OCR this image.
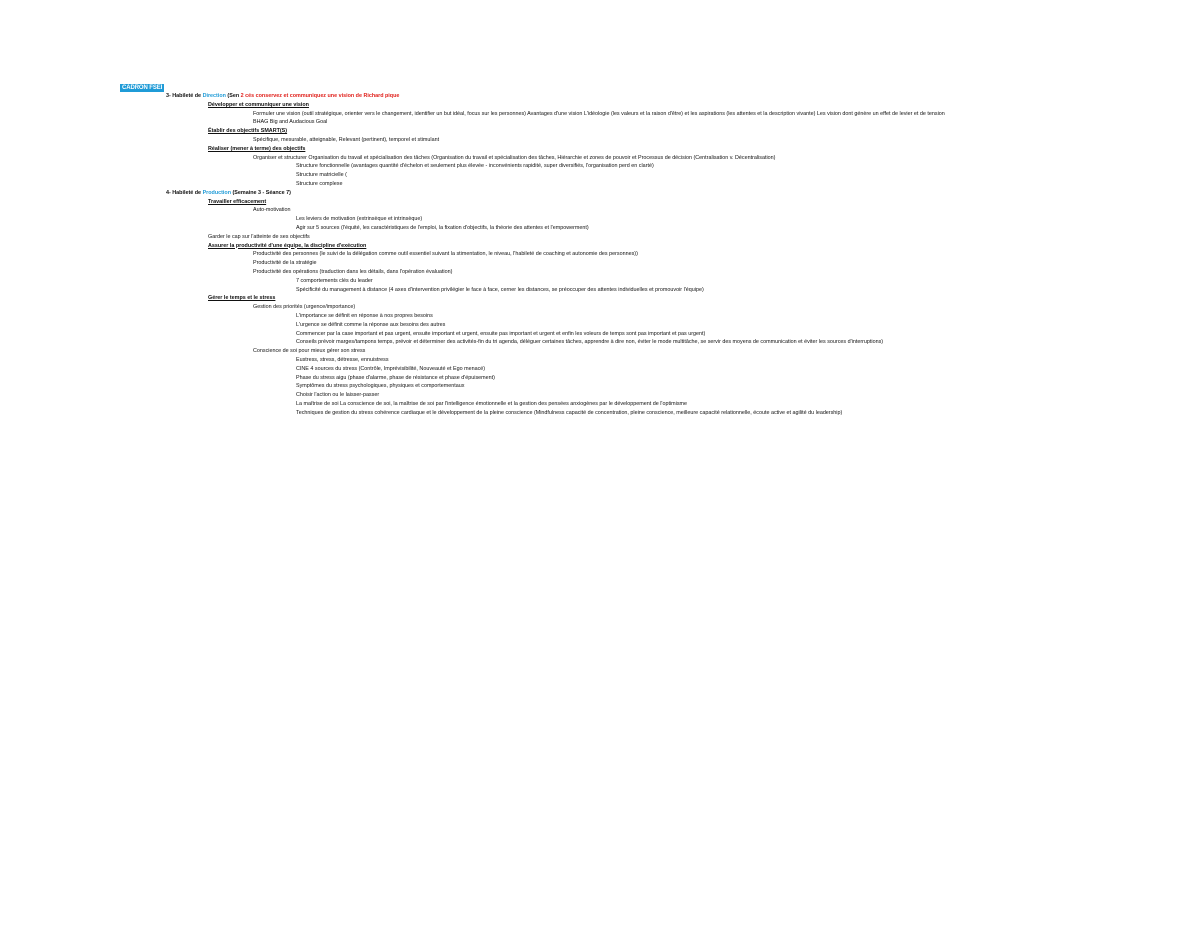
CADRON FSEI
3- Habileté de Direction (Sen 2 cés conservez et communiquez une vision de Richard pique
Développer et communiquer une vision
Formuler une vision (outil stratégique, orienter vers le changement, identifier un but idéal, focus sur les personnes) Avantages d'une vision L'idéologie (les valeurs et la raison d'être) et les aspirations (les attentes et la description vivante) Les vision dont génère un effet de levier et de tension
BHAG Big and Audacious Goal
Établir des objectifs SMART(S)
Spécifique, mesurable, atteignable, Relevant (pertinent), temporel et stimulant
Réaliser (mener à terme) des objectifs
Organiser et structurer Organisation du travail et spécialisation des tâches (Organisation du travail et spécialisation des tâches, Hiérarchie et zones de pouvoir et Processus de décision (Centralisation v. Décentralisation)
Structure fonctionnelle (avantages quantité d'échelon et seulement plus élevée - inconvénients rapidité, super diversifiés, l'organisation perd en clarté)
Structure matricielle (
Structure complexe
4- Habileté de Production (Semaine 3 - Séance 7)
Travailler efficacement
Auto-motivation
Les leviers de motivation (extrinsèque et intrinsèque)
Agir sur 5 sources (l'équité, les caractéristiques de l'emploi, la fixation d'objectifs, la théorie des attentes et l'empowerment)
Garder le cap sur l'atteinte de ses objectifs
Assurer la productivité d'une équipe, la discipline d'exécution
Productivité des personnes (le suivi de la délégation comme outil essentiel suivant la stimentation, le niveau, l'habileté de coaching et autonomie des personnes))
Productivité de la stratégie
Productivité des opérations (traduction dans les détails, dans l'opération évaluation)
7 comportements clés du leader
Spécificité du management à distance (4 axes d'intervention privilégier le face à face, cerner les distances, se préoccuper des attentes individuelles et promouvoir l'équipe)
Gérer le temps et le stress
Gestion des priorités (urgence/importance)
L'importance se définit en réponse à nos propres besoins
L'urgence se définit comme la réponse aux besoins des autres
Commencer par la case important et pas urgent, ensuite important et urgent, ensuite pas important et urgent et enfin les voleurs de temps sont pas important et pas urgent)
Conseils prévoir marges/tampons temps, prévoir et déterminer des activités-fin du tri agenda, déléguer certaines tâches, apprendre à dire non, éviter le mode multitâche, se servir des moyens de communication et éviter les sources d'interruptions)
Conscience de soi pour mieux gérer son stress
Eustress, stress, détresse, ennuistress
CINE 4 sources du stress (Contrôle, Imprévisibilité, Nouveauté et Ego menacé)
Phase du stress aigu (phase d'alarme, phase de résistance et phase d'épuisement)
Symptômes du stress psychologiques, physiques et comportementaux
Choisir l'action ou le laisser-passer
La maîtrise de soi La conscience de soi, la maîtrise de soi par l'intelligence émotionnelle et la gestion des pensées anxiogènes par le développement de l'optimisme
Techniques de gestion du stress cohérence cardiaque et le développement de la pleine conscience (Mindfulness capacité de concentration, pleine conscience, meilleure capacité relationnelle, écoute active et agilité du leadership)
